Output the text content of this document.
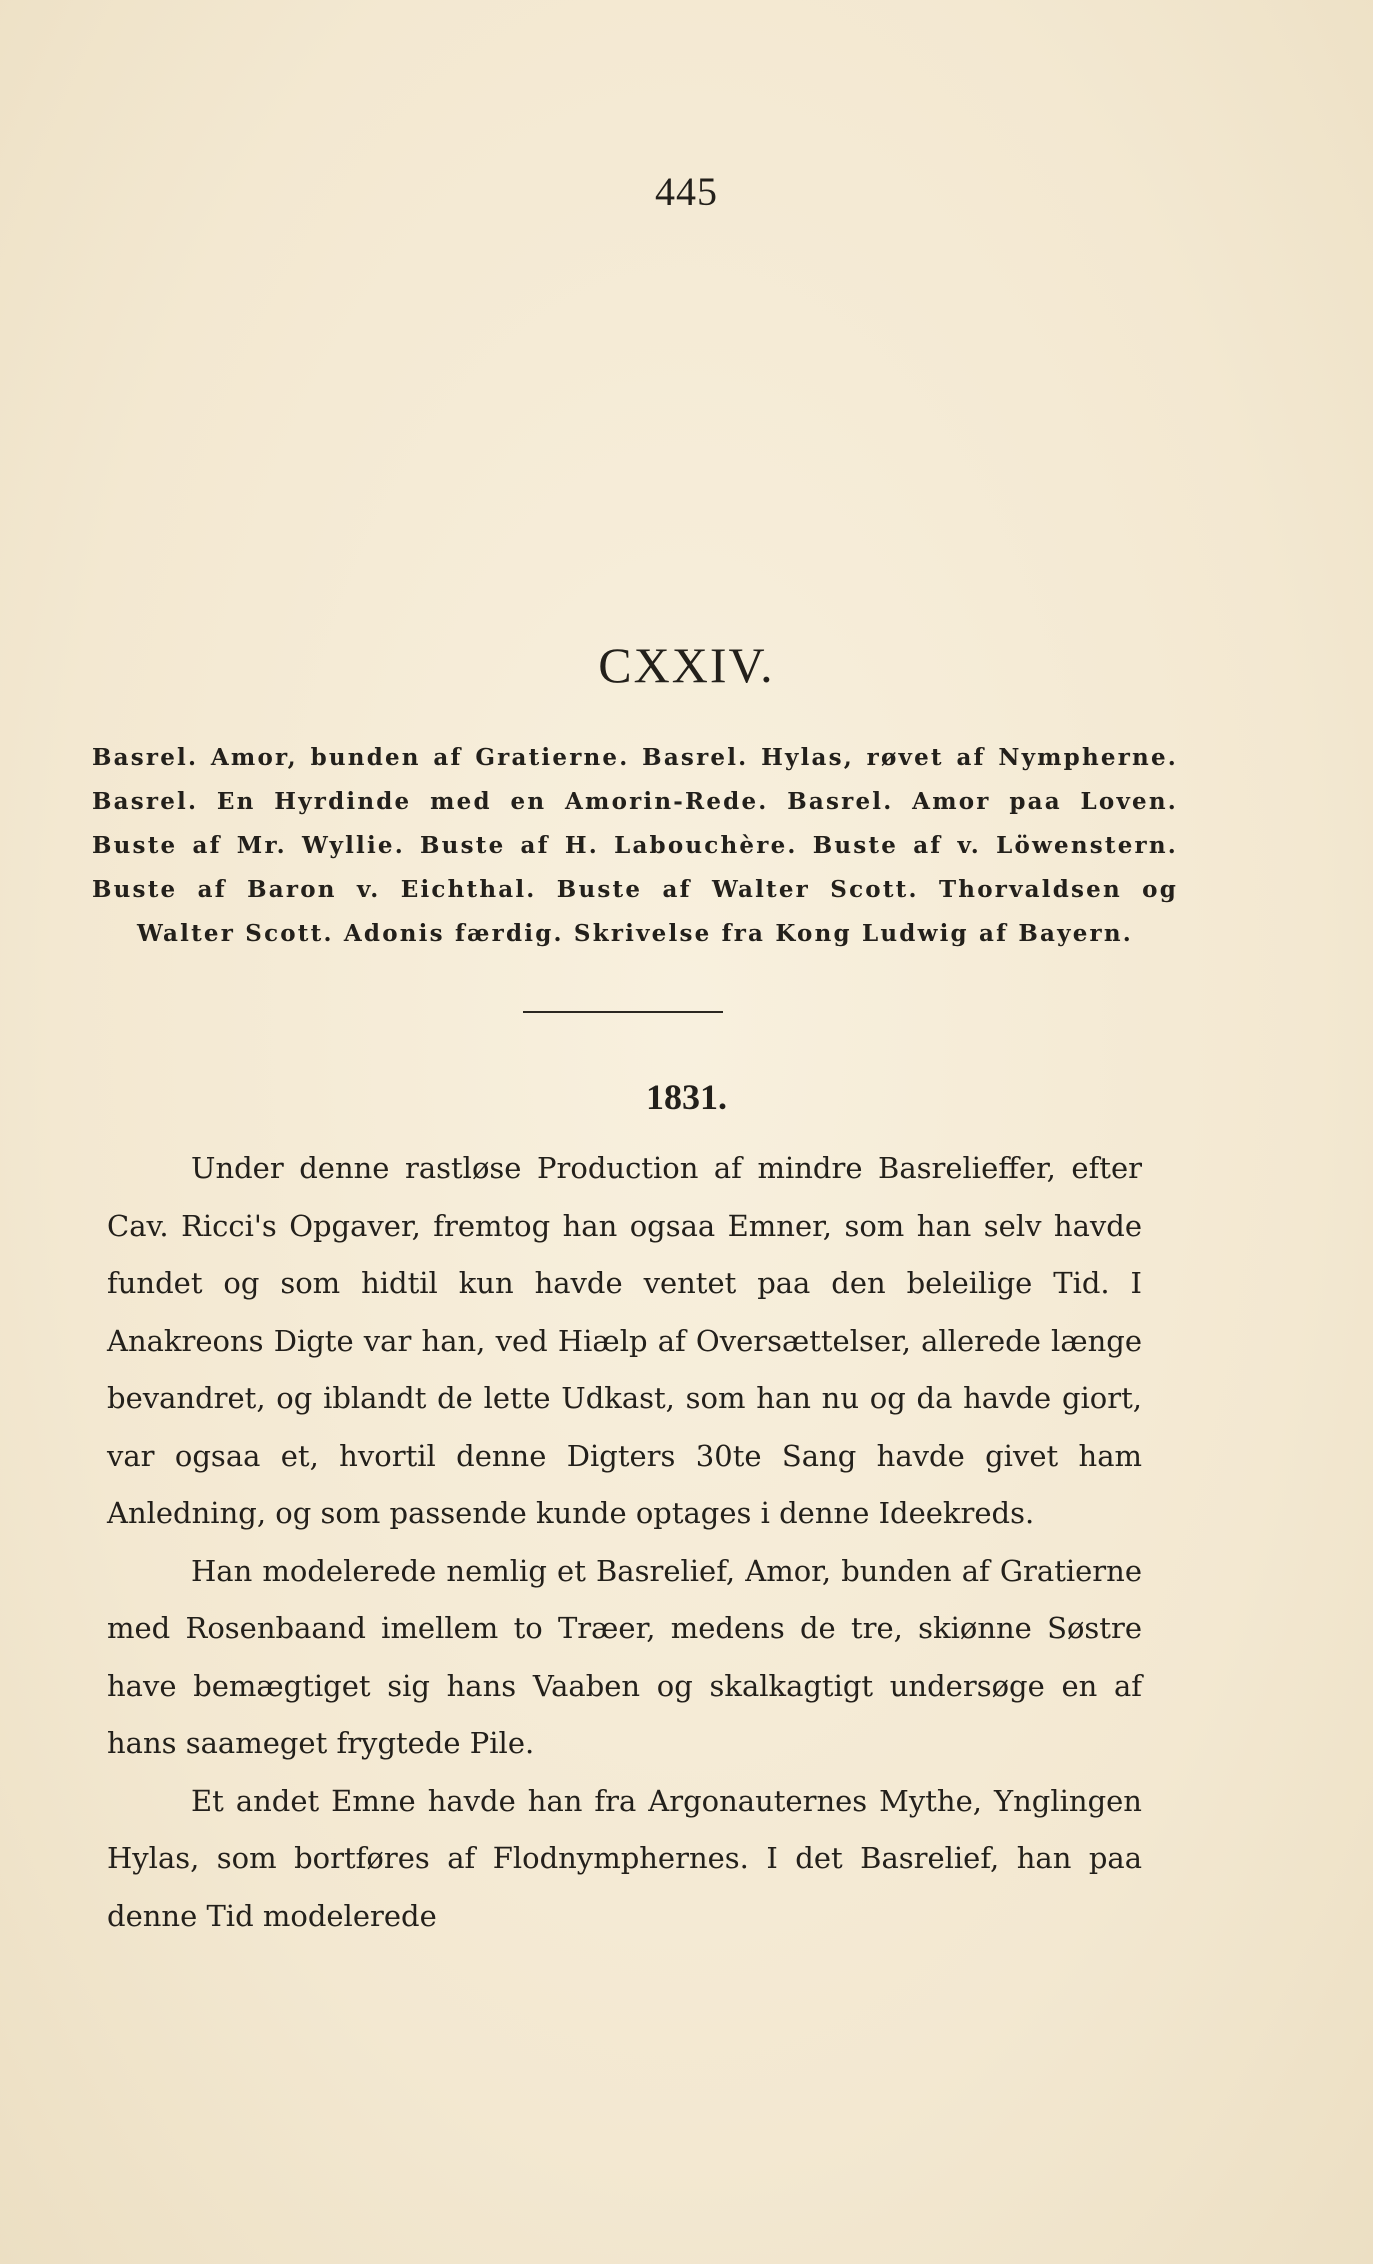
445
CXXIV.
Basrel. Amor, bunden af Gratierne. Basrel. Hylas, røvet af Nympherne. Basrel. En Hyrdinde med en Amorin-Rede. Basrel. Amor paa Loven. Buste af Mr. Wyllie. Buste af H. Labouchère. Buste af v. Löwenstern. Buste af Baron v. Eichthal. Buste af Walter Scott. Thorvaldsen og Walter Scott. Adonis færdig. Skrivelse fra Kong Ludwig af Bayern.
1831.

Under denne rastløse Production af mindre Basrelieffer, efter Cav. Ricci's Opgaver, fremtog han ogsaa Emner, som han selv havde fundet og som hidtil kun havde ventet paa den beleilige Tid. I Anakreons Digte var han, ved Hiælp af Oversættelser, allerede længe bevandret, og iblandt de lette Udkast, som han nu og da havde giort, var ogsaa et, hvortil denne Digters 30te Sang havde givet ham Anledning, og som passende kunde optages i denne Ideekreds.

Han modelerede nemlig et Basrelief, Amor, bunden af Gratierne med Rosenbaand imellem to Træer, medens de tre, skiønne Søstre have bemægtiget sig hans Vaaben og skalkagtigt undersøge en af hans saameget frygtede Pile.

Et andet Emne havde han fra Argonauternes Mythe, Ynglingen Hylas, som bortføres af Flodnymphernes. I det Basrelief, han paa denne Tid modelerede
